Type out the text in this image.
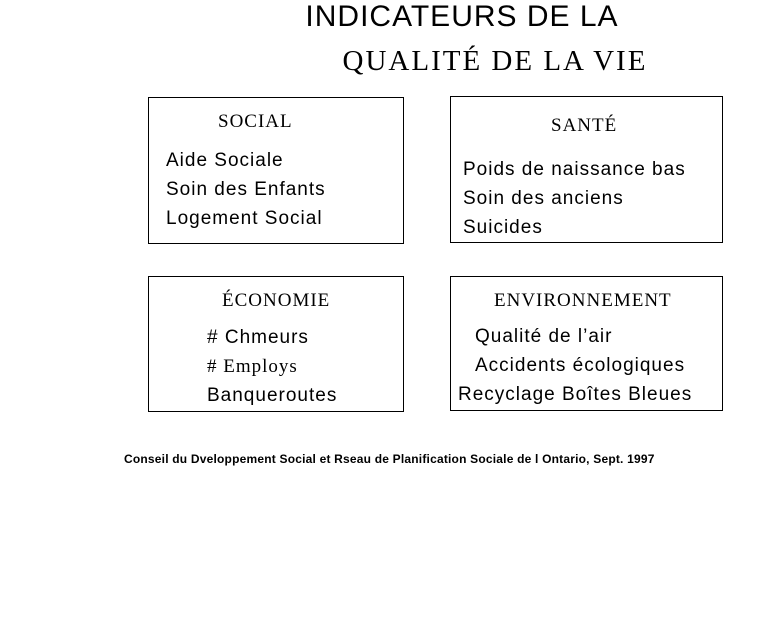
INDICATEURS DE LA
QUALITÉ DE LA VIE
SOCIAL
Aide Sociale
Soin des Enfants
Logement Social
SANTÉ
Poids de naissance bas
Soin des anciens
Suicides
ÉCONOMIE
# Chmeurs
# Employs
Banqueroutes
ENVIRONNEMENT
Qualité de l’air
Accidents écologiques
Recyclage Boîtes Bleues
Conseil du Dveloppement Social et Rseau de Planification Sociale de l Ontario, Sept. 1997
